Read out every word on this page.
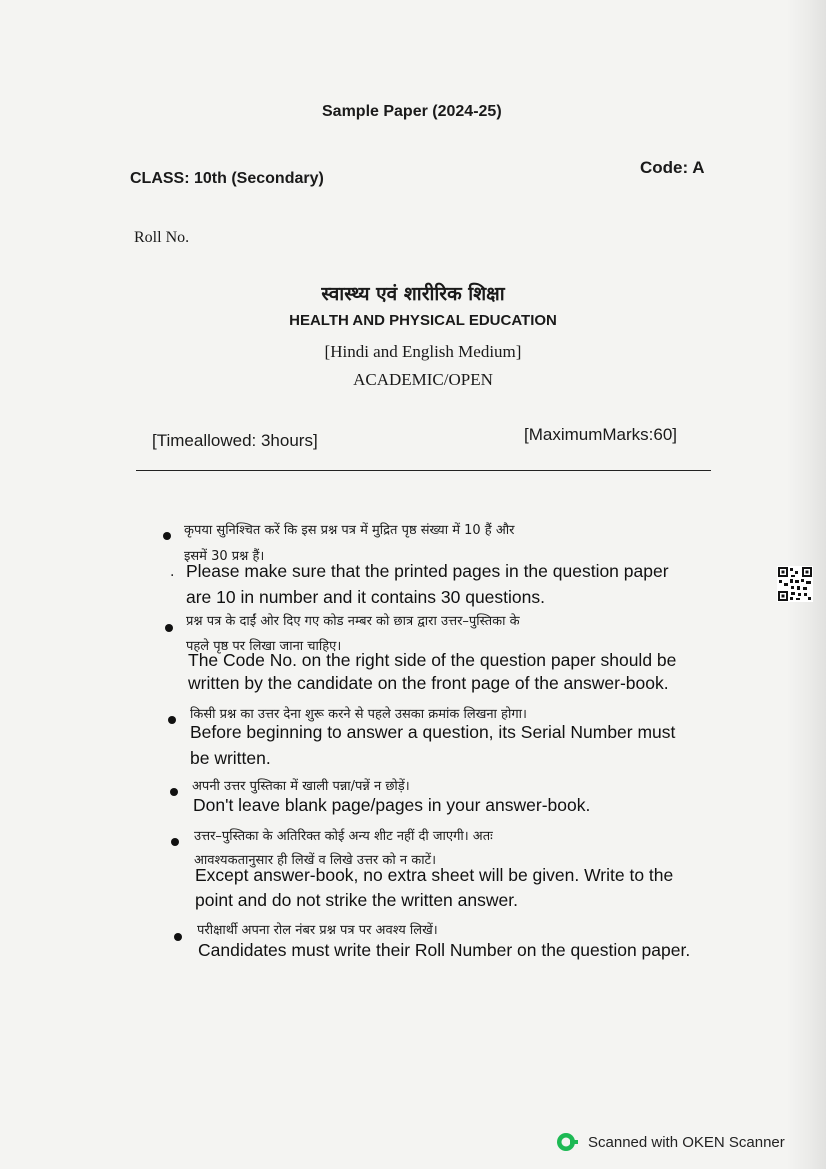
Sample Paper (2024-25)
CLASS: 10th (Secondary)
Code: A
Roll No.
स्वास्थ्य एवं शारीरिक शिक्षा
HEALTH AND PHYSICAL EDUCATION
[Hindi and English Medium]
ACADEMIC/OPEN
[Timeallowed: 3hours]	[MaximumMarks:60]
कृपया सुनिश्चित करें कि इस प्रश्न पत्र में मुद्रित पृष्ठ संख्या में 10 हैं और
इसमें 30 प्रश्न हैं।
· Please make sure that the printed pages in the question paper
are 10 in number and it contains 30 questions.
प्रश्न पत्र के दाईं ओर दिए गए कोड नम्बर को छात्र द्वारा उत्तर–पुस्तिका के
पहले पृष्ठ पर लिखा जाना चाहिए।
The Code No. on the right side of the question paper should be
written by the candidate on the front page of the answer-book.
किसी प्रश्न का उत्तर देना शुरू करने से पहले उसका क्रमांक लिखना होगा।
Before beginning to answer a question, its Serial Number must
be written.
अपनी उत्तर पुस्तिका में खाली पन्ना/पन्नें न छोड़ें।
Don't leave blank page/pages in your answer-book.
उत्तर–पुस्तिका के अतिरिक्त कोई अन्य शीट नहीं दी जाएगी। अतः
आवश्यकतानुसार ही लिखें व लिखे उत्तर को न काटें।
Except answer-book, no extra sheet will be given. Write to the
point and do not strike the written answer.
परीक्षार्थी अपना रोल नंबर प्रश्न पत्र पर अवश्य लिखें।
Candidates must write their Roll Number on the question paper.
Scanned with OKEN Scanner
